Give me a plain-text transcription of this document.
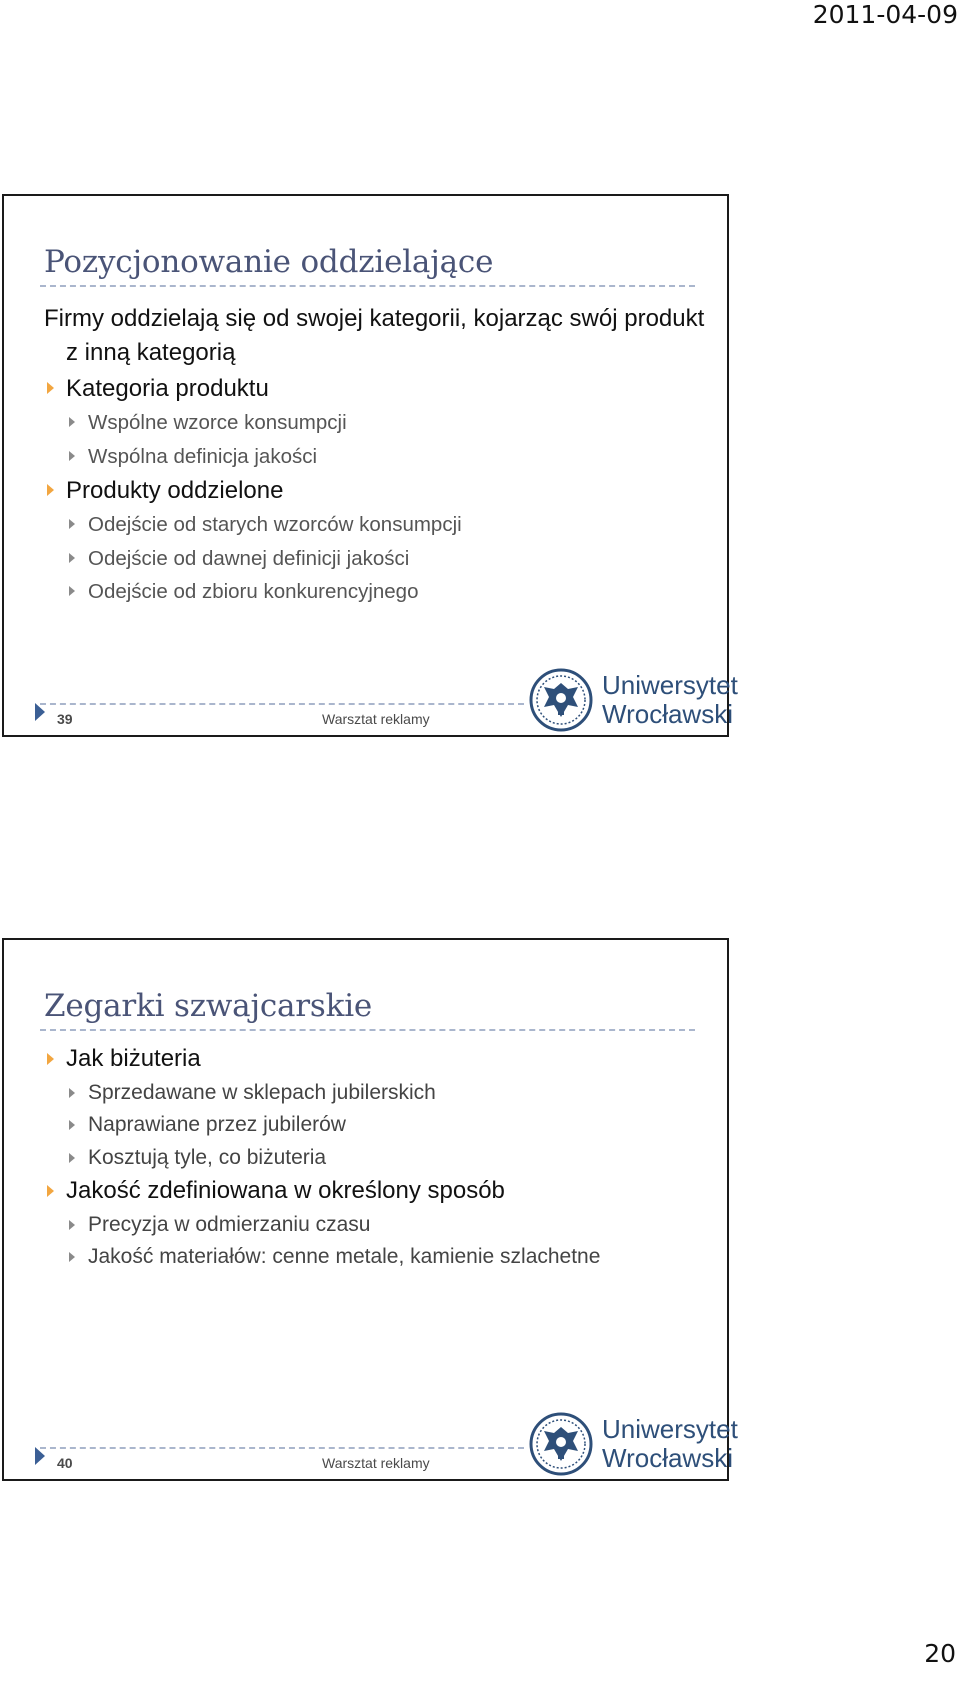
2011-04-09
Pozycjonowanie oddzielające
Firmy oddzielają się od swojej kategorii, kojarząc swój produkt z inną kategorią
Kategoria produktu
Wspólne wzorce konsumpcji
Wspólna definicja jakości
Produkty oddzielone
Odejście od starych wzorców konsumpcji
Odejście od dawnej definicji jakości
Odejście od zbioru konkurencyjnego
39	Warsztat reklamy
Uniwersytet
Wrocławski
Zegarki szwajcarskie
Jak biżuteria
Sprzedawane w sklepach jubilerskich
Naprawiane przez jubilerów
Kosztują tyle, co biżuteria
Jakość zdefiniowana w określony sposób
Precyzja w odmierzaniu czasu
Jakość materiałów: cenne metale, kamienie szlachetne
40	Warsztat reklamy
Uniwersytet
Wrocławski
20
